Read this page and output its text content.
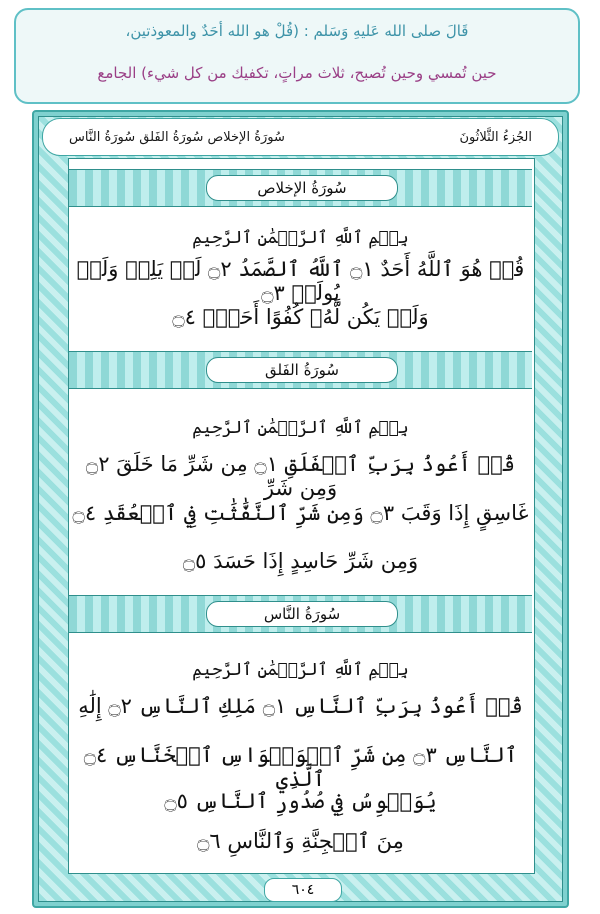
قَالَ صلى الله عَليهِ وَسَلم : (قُلْ هو الله أحَدٌ والمعوذتين،
حين تُمسي وحين تُصبح، ثلاث مراتٍ، تكفيك من كل شيء) الجامع
الجُزءُ الثَّلاثُونَ
سُورَةُ الإخلاص سُورَةُ الفَلق سُورَةُ النَّاس
سُورَةُ الإخلاص
بِسۡمِ ٱللَّهِ ٱلرَّحۡمَٰنِ ٱلرَّحِيمِ
قُلۡ هُوَ ٱللَّهُ أَحَدٌ ۝١ ٱللَّهُ ٱلصَّمَدُ ۝٢ لَمۡ يَلِدۡ وَلَمۡ يُولَدۡ ۝٣
وَلَمۡ يَكُن لَّهُۥ كُفُوًا أَحَدُۢ ۝٤
سُورَةُ الفَلق
بِسۡمِ ٱللَّهِ ٱلرَّحۡمَٰنِ ٱلرَّحِيمِ
قُلۡ أَعُوذُ بِرَبِّ ٱلۡفَلَقِ ۝١ مِن شَرِّ مَا خَلَقَ ۝٢ وَمِن شَرِّ
غَاسِقٍ إِذَا وَقَبَ ۝٣ وَمِن شَرِّ ٱلنَّفَّٰثَٰتِ فِي ٱلۡعُقَدِ ۝٤
وَمِن شَرِّ حَاسِدٍ إِذَا حَسَدَ ۝٥
سُورَةُ النَّاس
بِسۡمِ ٱللَّهِ ٱلرَّحۡمَٰنِ ٱلرَّحِيمِ
قُلۡ أَعُوذُ بِرَبِّ ٱلنَّاسِ ۝١ مَلِكِ ٱلنَّاسِ ۝٢ إِلَٰهِ
ٱلنَّاسِ ۝٣ مِن شَرِّ ٱلۡوَسۡوَاسِ ٱلۡخَنَّاسِ ۝٤ ٱلَّذِي
يُوَسۡوِسُ فِي صُدُورِ ٱلنَّاسِ ۝٥
مِنَ ٱلۡجِنَّةِ وَٱلنَّاسِ ۝٦
٦٠٤
